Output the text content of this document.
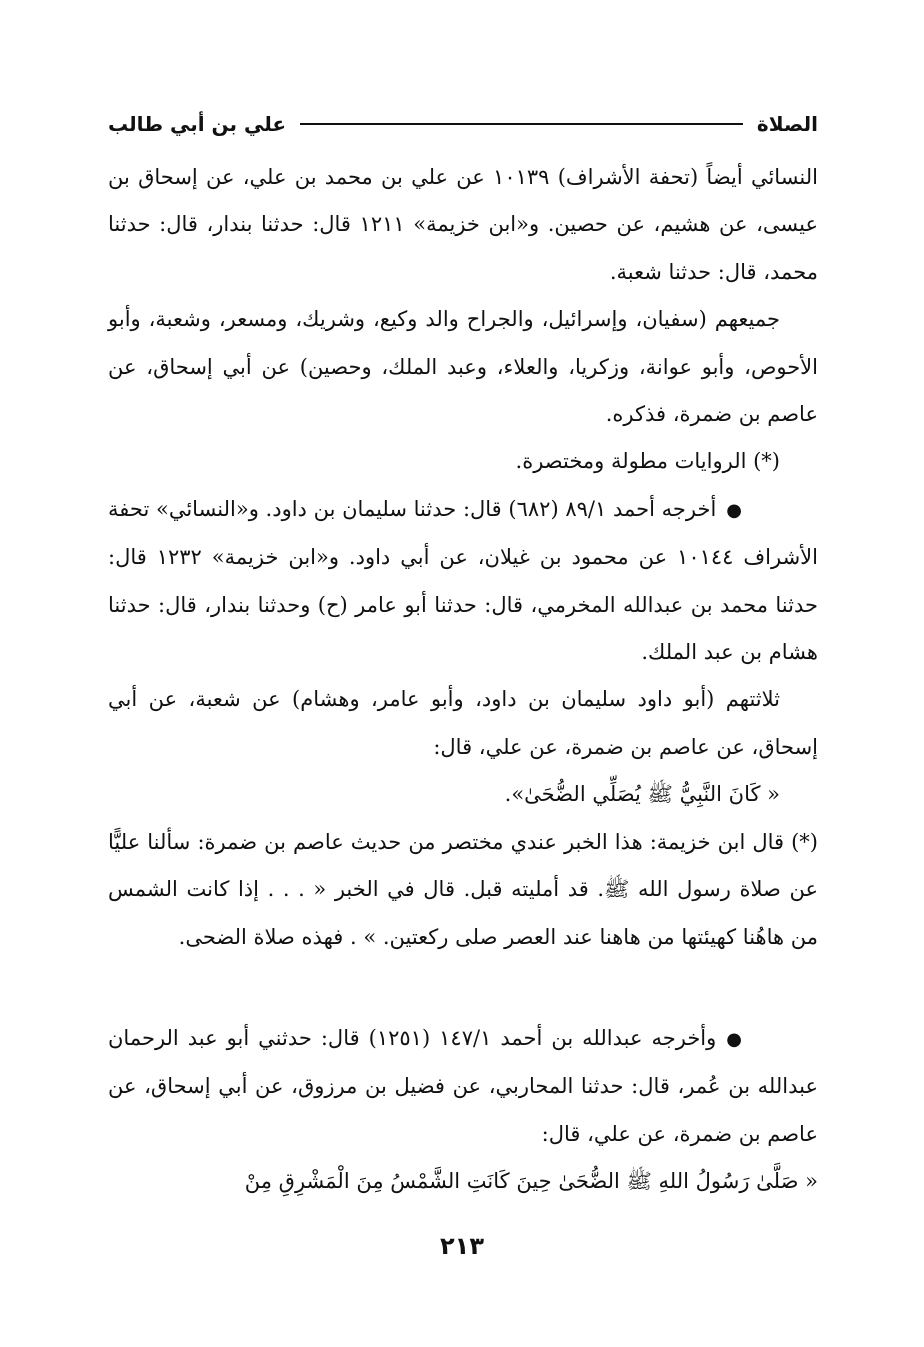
الصلاة
علي بن أبي طالب

النسائي أيضاً (تحفة الأشراف) ١٠١٣٩ عن علي بن محمد بن علي، عن إسحاق بن عيسى، عن هشيم، عن حصين. و«ابن خزيمة» ١٢١١ قال: حدثنا بندار، قال: حدثنا محمد، قال: حدثنا شعبة.

جميعهم (سفيان، وإسرائيل، والجراح والد وكيع، وشريك، ومسعر، وشعبة، وأبو الأحوص، وأبو عوانة، وزكريا، والعلاء، وعبد الملك، وحصين) عن أبي إسحاق، عن عاصم بن ضمرة، فذكره.

(*) الروايات مطولة ومختصرة.

●أخرجه أحمد ٨٩/١ (٦٨٢) قال: حدثنا سليمان بن داود. و«النسائي» تحفة الأشراف ١٠١٤٤ عن محمود بن غيلان، عن أبي داود. و«ابن خزيمة» ١٢٣٢ قال: حدثنا محمد بن عبدالله المخرمي، قال: حدثنا أبو عامر (ح) وحدثنا بندار، قال: حدثنا هشام بن عبد الملك.

ثلاثتهم (أبو داود سليمان بن داود، وأبو عامر، وهشام) عن شعبة، عن أبي إسحاق، عن عاصم بن ضمرة، عن علي، قال:

« كَانَ النَّبِيُّ ﷺ يُصَلِّي الضُّحَىٰ».

(*) قال ابن خزيمة: هذا الخبر عندي مختصر من حديث عاصم بن ضمرة: سألنا عليًّا عن صلاة رسول الله ﷺ. قد أمليته قبل. قال في الخبر « . . . إذا كانت الشمس من هاهُنا كهيئتها من هاهنا عند العصر صلى ركعتين. » . فهذه صلاة الضحى.

●وأخرجه عبدالله بن أحمد ١٤٧/١ (١٢٥١) قال: حدثني أبو عبد الرحمان عبدالله بن عُمر، قال: حدثنا المحاربي، عن فضيل بن مرزوق، عن أبي إسحاق، عن عاصم بن ضمرة، عن علي، قال:

« صَلَّىٰ رَسُولُ اللهِ ﷺ الضُّحَىٰ حِينَ كَانَتِ الشَّمْسُ مِنَ الْمَشْرِقِ مِنْ

٢١٣
